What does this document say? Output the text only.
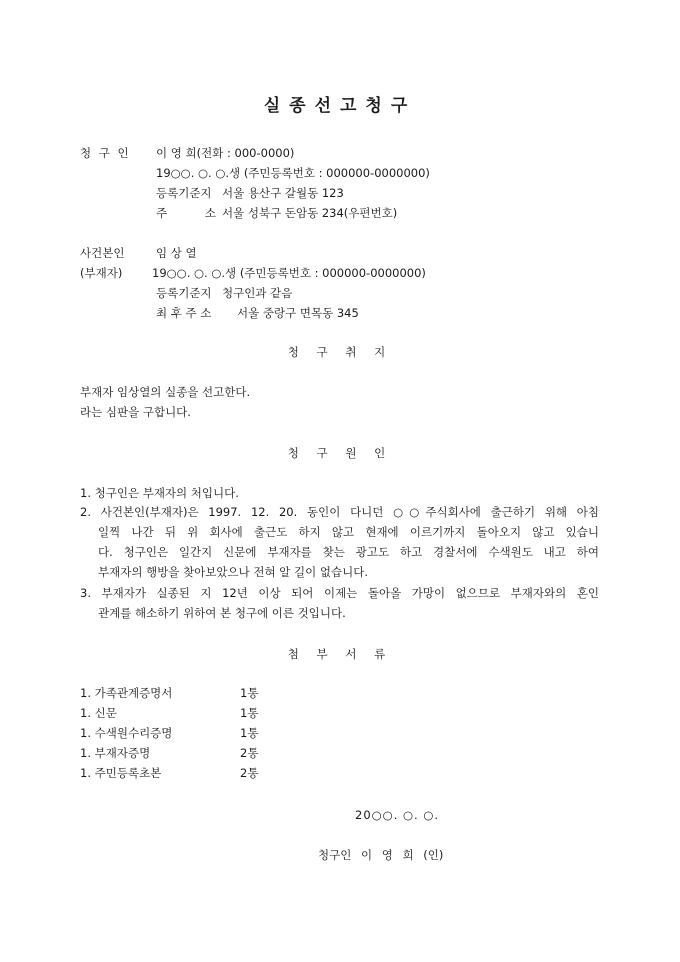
실종선고청구
청 구 인 이 영 희(전화 : 000-0000)
19○○. ○. ○.생 (주민등록번호 : 000000-0000000)
등록기준지 서울 용산구 갈월동 123
주 소 서울 성북구 돈암동 234(우편번호)
사건본인	임 상 열
(부재자)	19○○. ○. ○.생 (주민등록번호 : 000000-0000000)
등록기준지 청구인과 같음
최 후 주 소 서울 중랑구 면목동 345
청 구 취 지
부재자 임상열의 실종을 선고한다.
라는 심판을 구합니다.
청 구 원 인
1. 청구인은 부재자의 처입니다.
2. 사건본인(부재자)은 1997. 12. 20. 동인이 다니던 ○○주식회사에 출근하기 위해 아침
일찍 나간 뒤 위 회사에 출근도 하지 않고 현재에 이르기까지 돌아오지 않고 있습니
다. 청구인은 일간지 신문에 부재자를 찾는 광고도 하고 경찰서에 수색원도 내고 하여
부재자의 행방을 찾아보았으나 전혀 알 길이 없습니다.
3. 부재자가 실종된 지 12년 이상 되어 이제는 돌아올 가망이 없으므로 부재자와의 혼인
관계를 해소하기 위하여 본 청구에 이른 것입니다.
첨 부 서 류
1. 가족관계증명서	1통
1. 신문	1통
1. 수색원수리증명	1통
1. 부재자증명	2통
1. 주민등록초본	2통
20○○. ○. ○.
청구인 이 영 희 (인)
